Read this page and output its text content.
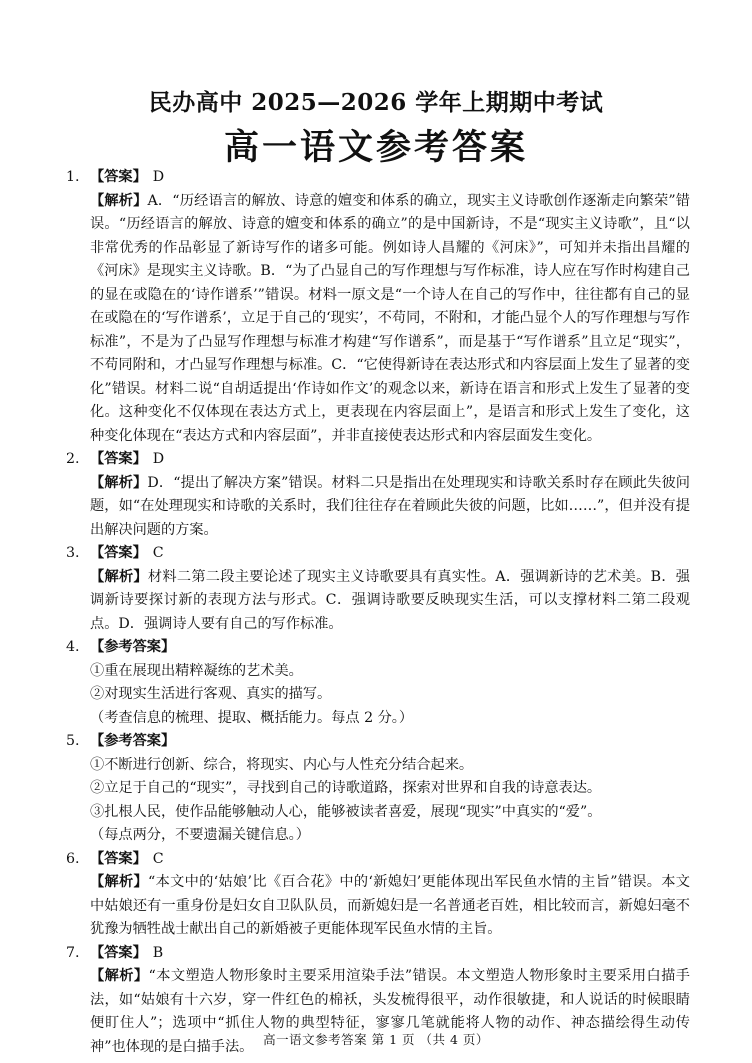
民办高中 2025—2026 学年上期期中考试
高一语文参考答案
1. 【答案】 D
【解析】A．“历经语言的解放、诗意的嬗变和体系的确立，现实主义诗歌创作逐渐走向繁荣”错误。“历经语言的解放、诗意的嬗变和体系的确立”的是中国新诗，不是“现实主义诗歌”，且“以非常优秀的作品彰显了新诗写作的诸多可能。例如诗人昌耀的《河床》”，可知并未指出昌耀的《河床》是现实主义诗歌。B．“为了凸显自己的写作理想与写作标准，诗人应在写作时构建自己的显在或隐在的‘诗作谱系’”错误。材料一原文是“一个诗人在自己的写作中，往往都有自己的显在或隐在的‘写作谱系’，立足于自己的‘现实’，不苟同，不附和，才能凸显个人的写作理想与写作标准”，不是为了凸显写作理想与标准才构建“写作谱系”，而是基于“写作谱系”且立足“现实”，不苟同附和，才凸显写作理想与标准。C．“它使得新诗在表达形式和内容层面上发生了显著的变化”错误。材料二说“自胡适提出‘作诗如作文’的观念以来，新诗在语言和形式上发生了显著的变化。这种变化不仅体现在表达方式上，更表现在内容层面上”，是语言和形式上发生了变化，这种变化体现在“表达方式和内容层面”，并非直接使表达形式和内容层面发生变化。
2. 【答案】 D
【解析】D．“提出了解决方案”错误。材料二只是指出在处理现实和诗歌关系时存在顾此失彼问题，如“在处理现实和诗歌的关系时，我们往往存在着顾此失彼的问题，比如……”，但并没有提出解决问题的方案。
3. 【答案】 C
【解析】材料二第二段主要论述了现实主义诗歌要具有真实性。A．强调新诗的艺术美。B．强调新诗要探讨新的表现方法与形式。C．强调诗歌要反映现实生活，可以支撑材料二第二段观点。D．强调诗人要有自己的写作标准。
4. 【参考答案】
①重在展现出精粹凝练的艺术美。
②对现实生活进行客观、真实的描写。
（考查信息的梳理、提取、概括能力。每点 2 分。）
5. 【参考答案】
①不断进行创新、综合，将现实、内心与人性充分结合起来。
②立足于自己的“现实”，寻找到自己的诗歌道路，探索对世界和自我的诗意表达。
③扎根人民，使作品能够触动人心，能够被读者喜爱，展现“现实”中真实的“爱”。
（每点两分，不要遗漏关键信息。）
6. 【答案】 C
【解析】“本文中的‘姑娘’比《百合花》中的‘新媳妇’更能体现出军民鱼水情的主旨”错误。本文中姑娘还有一重身份是妇女自卫队队员，而新媳妇是一名普通老百姓，相比较而言，新媳妇毫不犹豫为牺牲战士献出自己的新婚被子更能体现军民鱼水情的主旨。
7. 【答案】 B
【解析】“本文塑造人物形象时主要采用渲染手法”错误。本文塑造人物形象时主要采用白描手法，如“姑娘有十六岁，穿一件红色的棉袄，头发梳得很平，动作很敏捷，和人说话的时候眼睛便盯住人”；选项中“抓住人物的典型特征，寥寥几笔就能将人物的动作、神态描绘得生动传神”也体现的是白描手法。 高一语文参考答案 第 1 页 （共 4 页）
